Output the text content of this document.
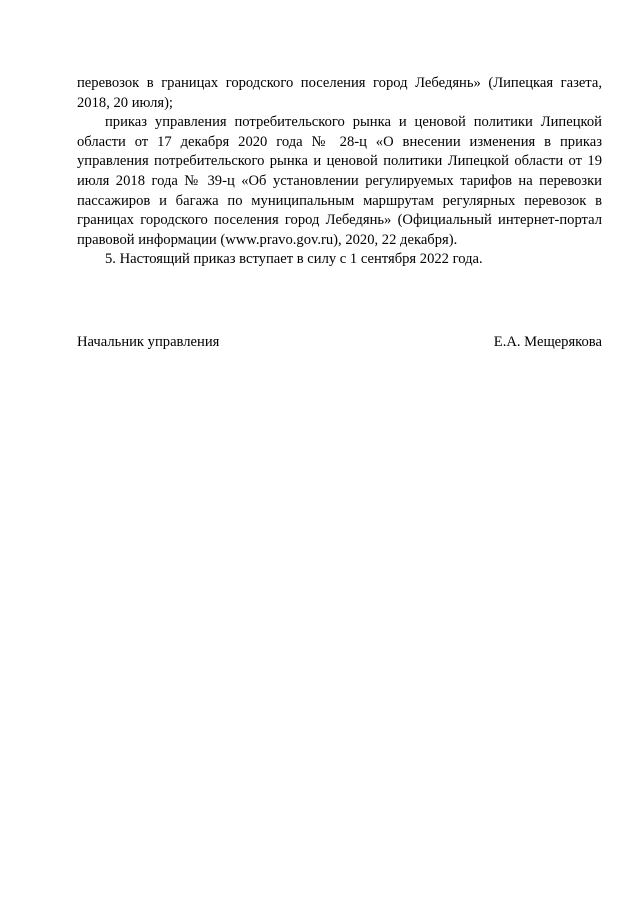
перевозок в границах городского поселения город Лебедянь» (Липецкая газета, 2018, 20 июля);

приказ управления потребительского рынка и ценовой политики Липецкой области от 17 декабря 2020 года № 28-ц «О внесении изменения в приказ управления потребительского рынка и ценовой политики Липецкой области от 19 июля 2018 года № 39-ц «Об установлении регулируемых тарифов на перевозки пассажиров и багажа по муниципальным маршрутам регулярных перевозок в границах городского поселения город Лебедянь» (Официальный интернет-портал правовой информации (www.pravo.gov.ru), 2020, 22 декабря).

5. Настоящий приказ вступает в силу с 1 сентября 2022 года.

Начальник управления	Е.А. Мещерякова
